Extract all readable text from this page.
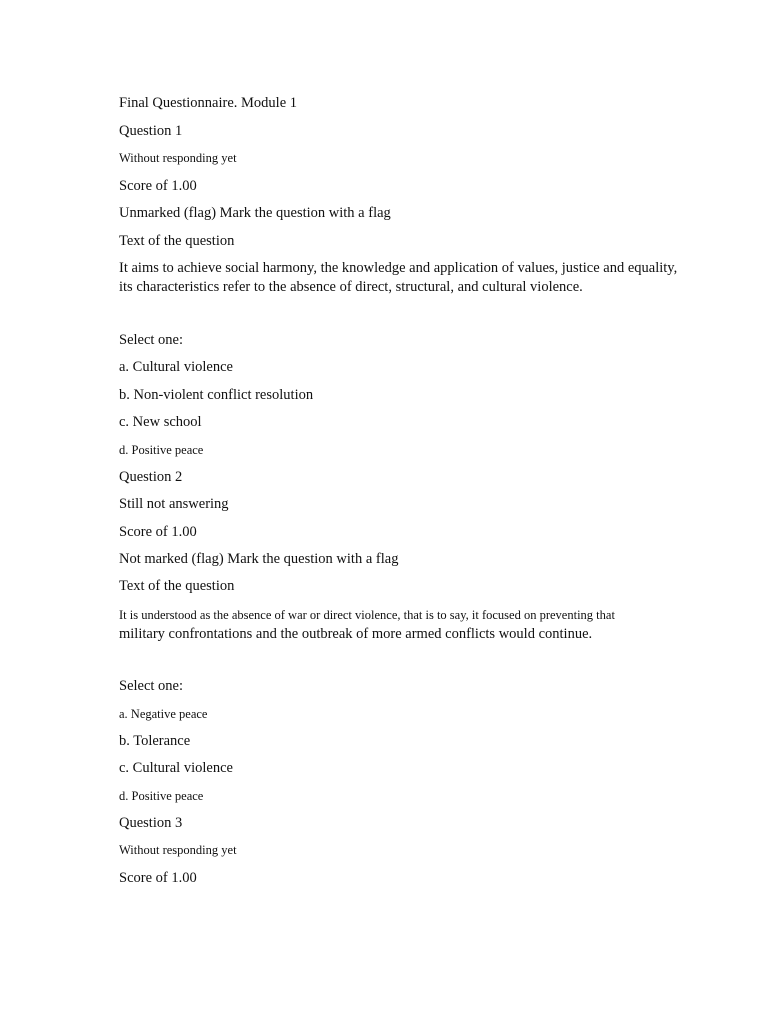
Final Questionnaire. Module 1

Question 1

Without responding yet

Score of 1.00

Unmarked (flag) Mark the question with a flag

Text of the question

It aims to achieve social harmony, the knowledge and application of values, justice and equality, its characteristics refer to the absence of direct, structural, and cultural violence.

Select one:

a. Cultural violence

b. Non-violent conflict resolution

c. New school

d. Positive peace

Question 2

Still not answering

Score of 1.00

Not marked (flag) Mark the question with a flag

Text of the question

It is understood as the absence of war or direct violence, that is to say, it focused on preventing that
military confrontations and the outbreak of more armed conflicts would continue.

Select one:

a. Negative peace

b. Tolerance

c. Cultural violence

d. Positive peace

Question 3

Without responding yet

Score of 1.00
